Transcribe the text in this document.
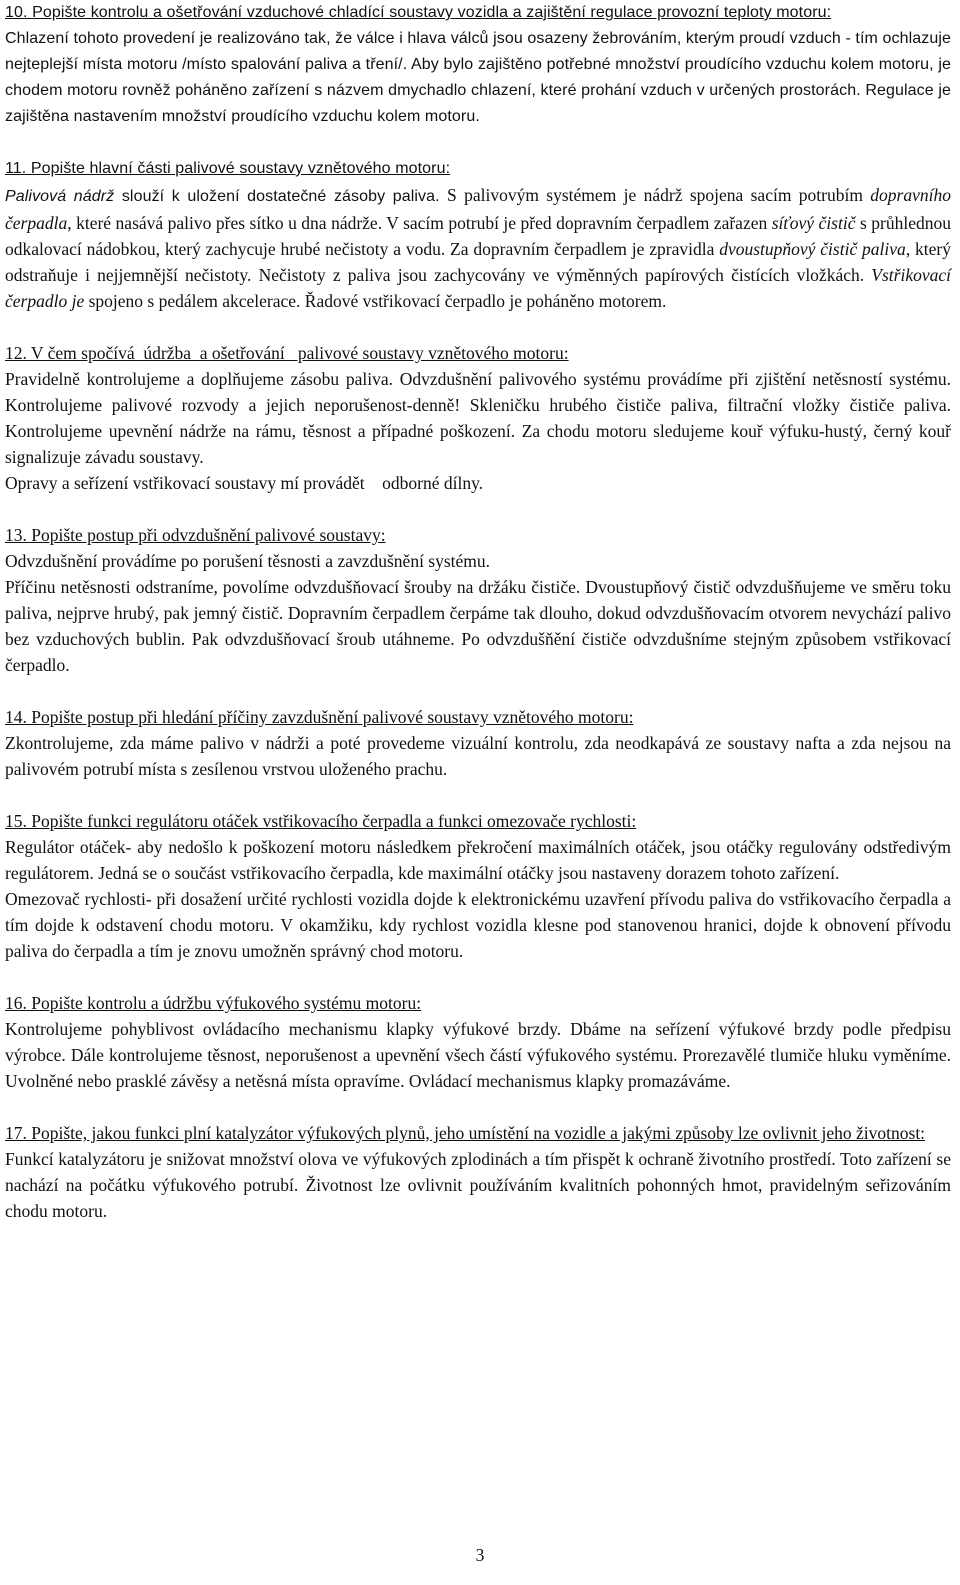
10. Popište kontrolu a ošetřování vzduchové chladící soustavy vozidla a zajištění regulace provozní teploty motoru:

Chlazení tohoto provedení je realizováno tak, že válce i hlava válců jsou osazeny žebrováním, kterým proudí vzduch - tím ochlazuje nejteplejší místa motoru /místo spalování paliva a tření/. Aby bylo zajištěno potřebné množství proudícího vzduchu kolem motoru, je chodem motoru rovněž poháněno zařízení s názvem dmychadlo chlazení, které prohání vzduch v určených prostorách. Regulace je zajištěna nastavením množství proudícího vzduchu kolem motoru.

11. Popište hlavní části palivové soustavy vznětového motoru:

Palivová nádrž slouží k uložení dostatečné zásoby paliva. S palivovým systémem je nádrž spojena sacím potrubím dopravního čerpadla, které nasává palivo přes sítko u dna nádrže. V sacím potrubí je před dopravním čerpadlem zařazen síťový čistič s průhlednou odkalovací nádobkou, který zachycuje hrubé nečistoty a vodu. Za dopravním čerpadlem je zpravidla dvoustupňový čistič paliva, který odstraňuje i nejjemnější nečistoty. Nečistoty z paliva jsou zachycovány ve výměnných papírových čistících vložkách. Vstřikovací čerpadlo je spojeno s pedálem akcelerace. Řadové vstřikovací čerpadlo je poháněno motorem.

12. V čem spočívá  údržba  a ošetřování   palivové soustavy vznětového motoru:

Pravidelně kontrolujeme a doplňujeme zásobu paliva. Odvzdušnění palivového systému provádíme při zjištění netěsností systému. Kontrolujeme palivové rozvody a jejich neporušenost-denně! Skleničku hrubého čističe paliva, filtrační vložky čističe paliva. Kontrolujeme upevnění nádrže na rámu, těsnost a případné poškození. Za chodu motoru sledujeme kouř výfuku-hustý, černý kouř signalizuje závadu soustavy.

Opravy a seřízení vstřikovací soustavy mí provádět    odborné dílny.

13. Popište postup při odvzdušnění palivové soustavy:

Odvzdušnění provádíme po porušení těsnosti a zavzdušnění systému.

Příčinu netěsnosti odstraníme, povolíme odvzdušňovací šrouby na držáku čističe. Dvoustupňový čistič odvzdušňujeme ve směru toku paliva, nejprve hrubý, pak jemný čistič. Dopravním čerpadlem čerpáme tak dlouho, dokud odvzdušňovacím otvorem nevychází palivo bez vzduchových bublin. Pak odvzdušňovací šroub utáhneme. Po odvzdušňění čističe odvzdušníme stejným způsobem vstřikovací čerpadlo.

14. Popište postup při hledání příčiny zavzdušnění palivové soustavy vznětového motoru:

Zkontrolujeme, zda máme palivo v nádrži a poté provedeme vizuální kontrolu, zda neodkapává ze soustavy nafta a zda nejsou na palivovém potrubí místa s zesílenou vrstvou uloženého prachu.

15. Popište funkci regulátoru otáček vstřikovacího čerpadla a funkci omezovače rychlosti:

Regulátor otáček- aby nedošlo k poškození motoru následkem překročení maximálních otáček, jsou otáčky regulovány odstředivým regulátorem. Jedná se o součást vstřikovacího čerpadla, kde maximální otáčky jsou nastaveny dorazem tohoto zařízení.

Omezovač rychlosti- při dosažení určité rychlosti vozidla dojde k elektronickému uzavření přívodu paliva do vstřikovacího čerpadla a tím dojde k odstavení chodu motoru. V okamžiku, kdy rychlost vozidla klesne pod stanovenou hranici, dojde k obnovení přívodu paliva do čerpadla a tím je znovu umožněn správný chod motoru.

16. Popište kontrolu a údržbu výfukového systému motoru:

Kontrolujeme pohyblivost ovládacího mechanismu klapky výfukové brzdy. Dbáme na seřízení výfukové brzdy podle předpisu výrobce. Dále kontrolujeme těsnost, neporušenost a upevnění všech částí výfukového systému. Prorezavělé tlumiče hluku vyměníme. Uvolněné nebo prasklé závěsy a netěsná místa opravíme. Ovládací mechanismus klapky promazáváme.

17. Popište, jakou funkci plní katalyzátor výfukových plynů, jeho umístění na vozidle a jakými způsoby lze ovlivnit jeho životnost:

Funkcí katalyzátoru je snižovat množství olova ve výfukových zplodinách a tím přispět k ochraně životního prostředí. Toto zařízení se nachází na počátku výfukového potrubí. Životnost lze ovlivnit používáním kvalitních pohonných hmot, pravidelným seřizováním chodu motoru.

3
